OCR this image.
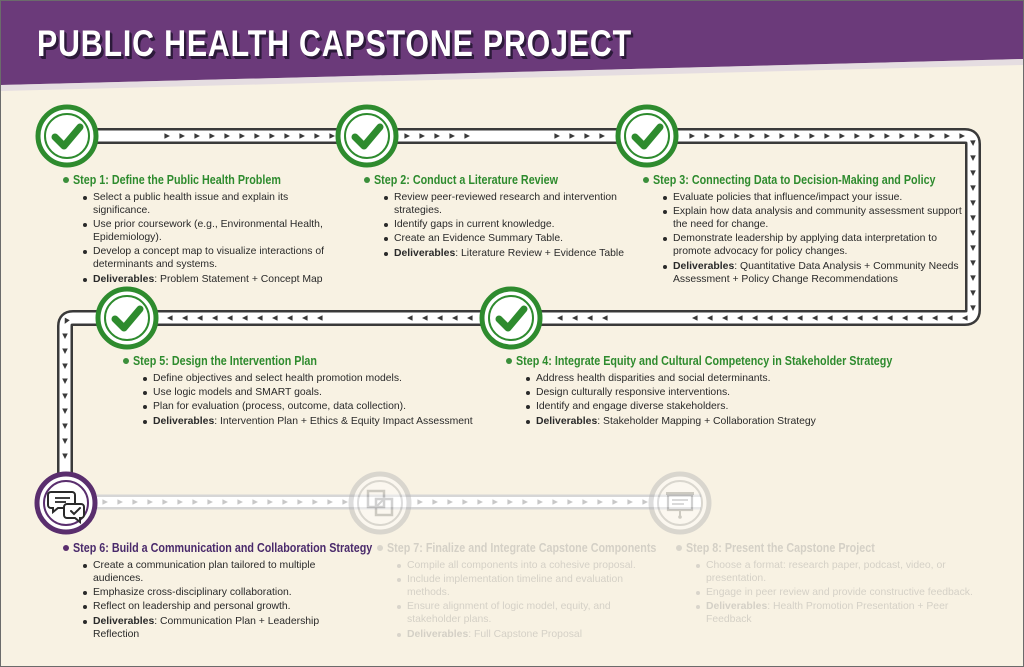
PUBLIC HEALTH CAPSTONE PROJECT
Step 1: Define the Public Health Problem
Select a public health issue and explain its significance.
Use prior coursework (e.g., Environmental Health, Epidemiology).
Develop a concept map to visualize interactions of determinants and systems.
Deliverables: Problem Statement + Concept Map
Step 2: Conduct a Literature Review
Review peer-reviewed research and intervention strategies.
Identify gaps in current knowledge.
Create an Evidence Summary Table.
Deliverables: Literature Review + Evidence Table
Step 3: Connecting Data to Decision-Making and Policy
Evaluate policies that influence/impact your issue.
Explain how data analysis and community assessment support the need for change.
Demonstrate leadership by applying data interpretation to promote advocacy for policy changes.
Deliverables: Quantitative Data Analysis + Community Needs Assessment + Policy Change Recommendations
Step 5: Design the Intervention Plan
Define objectives and select health promotion models.
Use logic models and SMART goals.
Plan for evaluation (process, outcome, data collection).
Deliverables: Intervention Plan + Ethics & Equity Impact Assessment
Step 4: Integrate Equity and Cultural Competency in Stakeholder Strategy
Address health disparities and social determinants.
Design culturally responsive interventions.
Identify and engage diverse stakeholders.
Deliverables: Stakeholder Mapping + Collaboration Strategy
Step 6: Build a Communication and Collaboration Strategy
Create a communication plan tailored to multiple audiences.
Emphasize cross-disciplinary collaboration.
Reflect on leadership and personal growth.
Deliverables: Communication Plan + Leadership Reflection
Step 7: Finalize and Integrate Capstone Components
Compile all components into a cohesive proposal.
Include implementation timeline and evaluation methods.
Ensure alignment of logic model, equity, and stakeholder plans.
Deliverables: Full Capstone Proposal
Step 8: Present the Capstone Project
Choose a format: research paper, podcast, video, or presentation.
Engage in peer review and provide constructive feedback.
Deliverables: Health Promotion Presentation + Peer Feedback
